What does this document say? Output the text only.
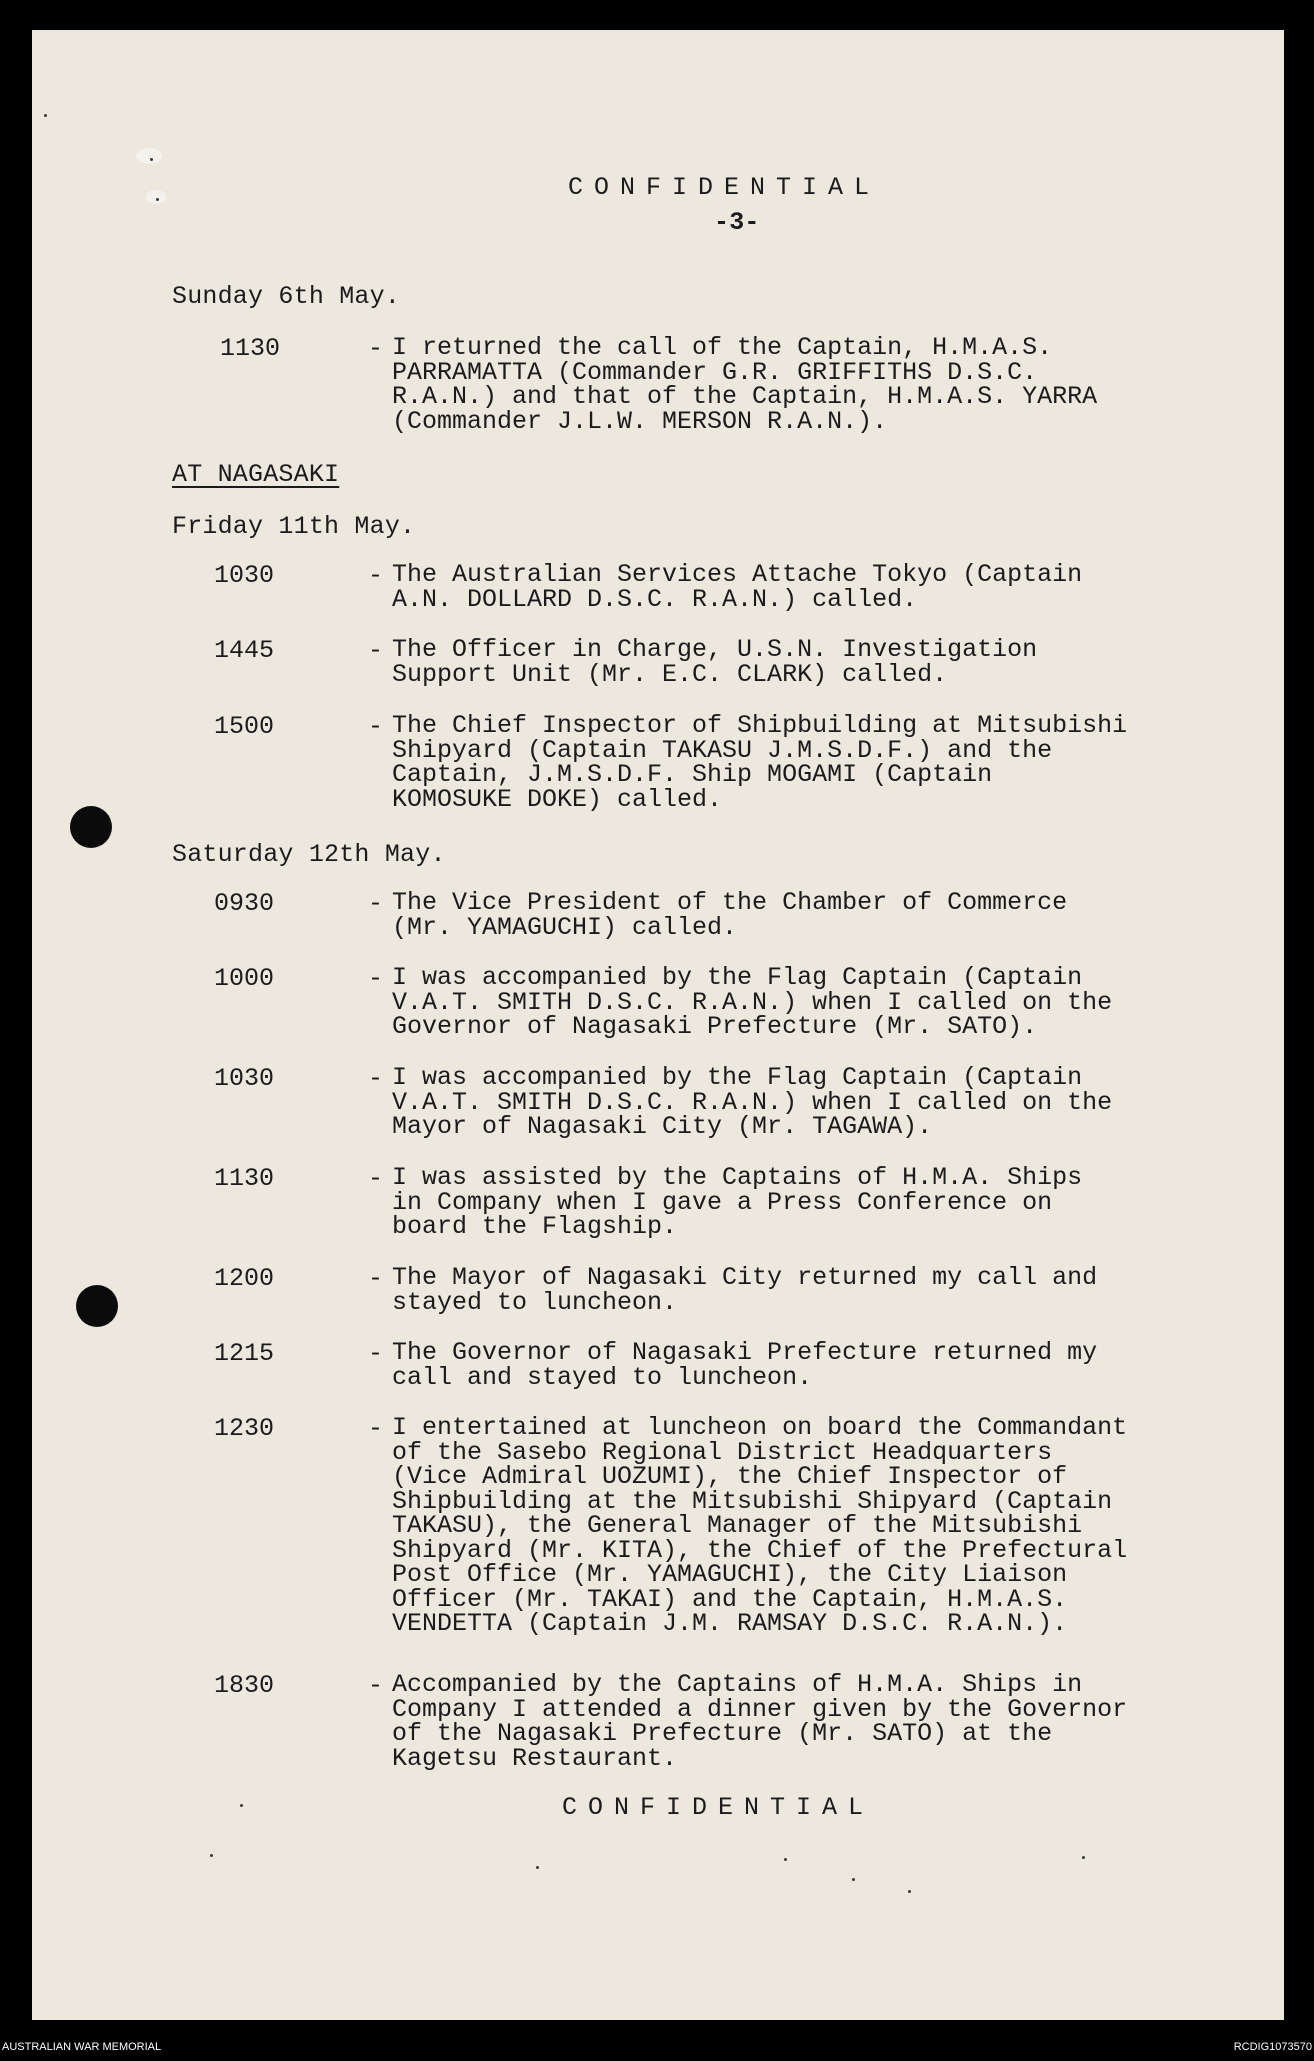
CONFIDENTIAL
-3-
Sunday 6th May.
1130	- I returned the call of the Captain, H.M.A.S.
PARRAMATTA (Commander G.R. GRIFFITHS D.S.C.
R.A.N.) and that of the Captain, H.M.A.S. YARRA
(Commander J.L.W. MERSON R.A.N.).
AT NAGASAKI
Friday 11th May.
1030	- The Australian Services Attache Tokyo (Captain
A.N. DOLLARD D.S.C. R.A.N.) called.
1445	- The Officer in Charge, U.S.N. Investigation
Support Unit (Mr. E.C. CLARK) called.
1500	- The Chief Inspector of Shipbuilding at Mitsubishi
Shipyard (Captain TAKASU J.M.S.D.F.) and the
Captain, J.M.S.D.F. Ship MOGAMI (Captain
KOMOSUKE DOKE) called.
Saturday 12th May.
0930	- The Vice President of the Chamber of Commerce
(Mr. YAMAGUCHI) called.
1000	- I was accompanied by the Flag Captain (Captain
V.A.T. SMITH D.S.C. R.A.N.) when I called on the
Governor of Nagasaki Prefecture (Mr. SATO).
1030	- I was accompanied by the Flag Captain (Captain
V.A.T. SMITH D.S.C. R.A.N.) when I called on the
Mayor of Nagasaki City (Mr. TAGAWA).
1130	- I was assisted by the Captains of H.M.A. Ships
in Company when I gave a Press Conference on
board the Flagship.
1200	- The Mayor of Nagasaki City returned my call and
stayed to luncheon.
1215	- The Governor of Nagasaki Prefecture returned my
call and stayed to luncheon.
1230	- I entertained at luncheon on board the Commandant
of the Sasebo Regional District Headquarters
(Vice Admiral UOZUMI), the Chief Inspector of
Shipbuilding at the Mitsubishi Shipyard (Captain
TAKASU), the General Manager of the Mitsubishi
Shipyard (Mr. KITA), the Chief of the Prefectural
Post Office (Mr. YAMAGUCHI), the City Liaison
Officer (Mr. TAKAI) and the Captain, H.M.A.S.
VENDETTA (Captain J.M. RAMSAY D.S.C. R.A.N.).
1830	- Accompanied by the Captains of H.M.A. Ships in
Company I attended a dinner given by the Governor
of the Nagasaki Prefecture (Mr. SATO) at the
Kagetsu Restaurant.
CONFIDENTIAL
AUSTRALIAN WAR MEMORIAL	RCDIG1073570
